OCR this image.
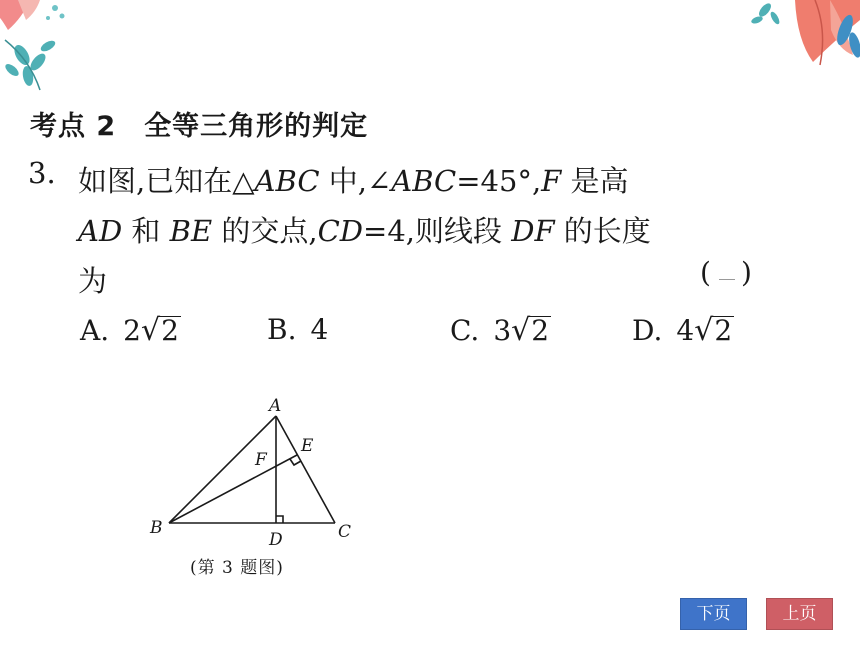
考点 2 全等三角形的判定
3. 如图,已知在△ABC 中,∠ABC=45°,F 是高
AD 和 BE 的交点,CD=4,则线段 DF 的长度
为	( )
A. 2√2	B. 4	C. 3√2	D. 4√2
A
E
F
B	C
D
(第 3 题图)
下页	上页
